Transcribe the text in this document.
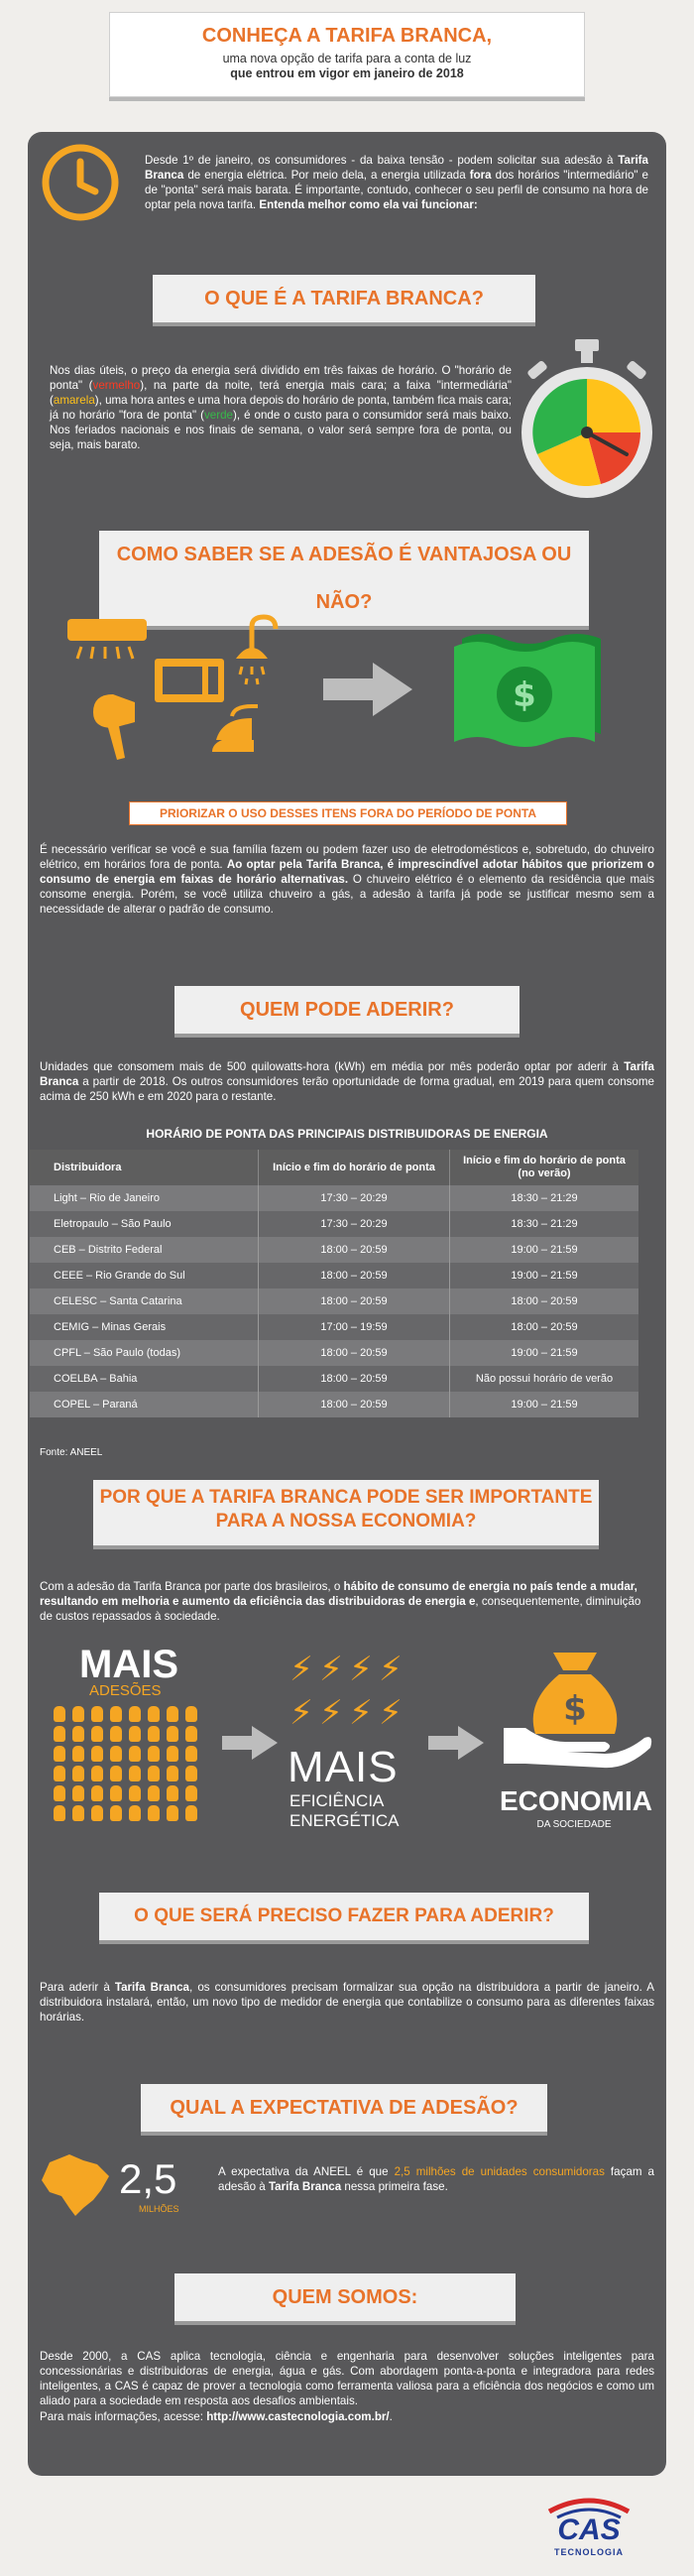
CONHEÇA A TARIFA BRANCA,
uma nova opção de tarifa para a conta de luz
que entrou em vigor em janeiro de 2018

Desde 1º de janeiro, os consumidores - da baixa tensão - podem solicitar sua adesão à Tarifa Branca de energia elétrica. Por meio dela, a energia utilizada fora dos horários "intermediário" e de "ponta" será mais barata. É importante, contudo, conhecer o seu perfil de consumo na hora de optar pela nova tarifa. Entenda melhor como ela vai funcionar:

O QUE É A TARIFA BRANCA?

Nos dias úteis, o preço da energia será dividido em três faixas de horário. O "horário de ponta" (vermelho), na parte da noite, terá energia mais cara; a faixa "intermediária" (amarela), uma hora antes e uma hora depois do horário de ponta, também fica mais cara; já no horário "fora de ponta" (verde), é onde o custo para o consumidor será mais baixo. Nos feriados nacionais e nos finais de semana, o valor será sempre fora de ponta, ou seja, mais barato.

COMO SABER SE A ADESÃO É VANTAJOSA OU NÃO?
$
PRIORIZAR O USO DESSES ITENS FORA DO PERÍODO DE PONTA

É necessário verificar se você e sua família fazem ou podem fazer uso de eletrodomésticos e, sobretudo, do chuveiro elétrico, em horários fora de ponta. Ao optar pela Tarifa Branca, é imprescindível adotar hábitos que priorizem o consumo de energia em faixas de horário alternativas. O chuveiro elétrico é o elemento da residência que mais consome energia. Porém, se você utiliza chuveiro a gás, a adesão à tarifa já pode se justificar mesmo sem a necessidade de alterar o padrão de consumo.

QUEM PODE ADERIR?

Unidades que consomem mais de 500 quilowatts-hora (kWh) em média por mês poderão optar por aderir à Tarifa Branca a partir de 2018. Os outros consumidores terão oportunidade de forma gradual, em 2019 para quem consome acima de 250 kWh e em 2020 para o restante.

HORÁRIO DE PONTA DAS PRINCIPAIS DISTRIBUIDORAS DE ENERGIA
Distribuidora	Início e fim do horário de ponta	Início e fim do horário de ponta (no verão)
Light – Rio de Janeiro	17:30 – 20:29	18:30 – 21:29
Eletropaulo – São Paulo	17:30 – 20:29	18:30 – 21:29
CEB – Distrito Federal	18:00 – 20:59	19:00 – 21:59
CEEE – Rio Grande do Sul	18:00 – 20:59	19:00 – 21:59
CELESC – Santa Catarina	18:00 – 20:59	18:00 – 20:59
CEMIG – Minas Gerais	17:00 – 19:59	18:00 – 20:59
CPFL – São Paulo (todas)	18:00 – 20:59	19:00 – 21:59
COELBA – Bahia	18:00 – 20:59	Não possui horário de verão
COPEL – Paraná	18:00 – 20:59	19:00 – 21:59
Fonte: ANEEL
POR QUE A TARIFA BRANCA PODE SER IMPORTANTE
PARA A NOSSA ECONOMIA?

Com a adesão da Tarifa Branca por parte dos brasileiros, o hábito de consumo de energia no país tende a mudar, resultando em melhoria e aumento da eficiência das distribuidoras de energia e, consequentemente, diminuição de custos repassados à sociedade.

MAIS
ADESÕES
⚡ ⚡ ⚡ ⚡
⚡ ⚡ ⚡ ⚡
MAIS
EFICIÊNCIA
ENERGÉTICA
$
ECONOMIA
DA SOCIEDADE
O QUE SERÁ PRECISO FAZER PARA ADERIR?

Para aderir à Tarifa Branca, os consumidores precisam formalizar sua opção na distribuidora a partir de janeiro. A distribuidora instalará, então, um novo tipo de medidor de energia que contabilize o consumo para as diferentes faixas horárias.

QUAL A EXPECTATIVA DE ADESÃO?
2,5
MILHÕES

A expectativa da ANEEL é que 2,5 milhões de unidades consumidoras façam a adesão à Tarifa Branca nessa primeira fase.

QUEM SOMOS:

Desde 2000, a CAS aplica tecnologia, ciência e engenharia para desenvolver soluções inteligentes para concessionárias e distribuidoras de energia, água e gás. Com abordagem ponta-a-ponta e integradora para redes inteligentes, a CAS é capaz de prover a tecnologia como ferramenta valiosa para a eficiência dos negócios e como um aliado para a sociedade em resposta aos desafios ambientais.

Para mais informações, acesse: http://www.castecnologia.com.br/.

CAS
TECNOLOGIA
